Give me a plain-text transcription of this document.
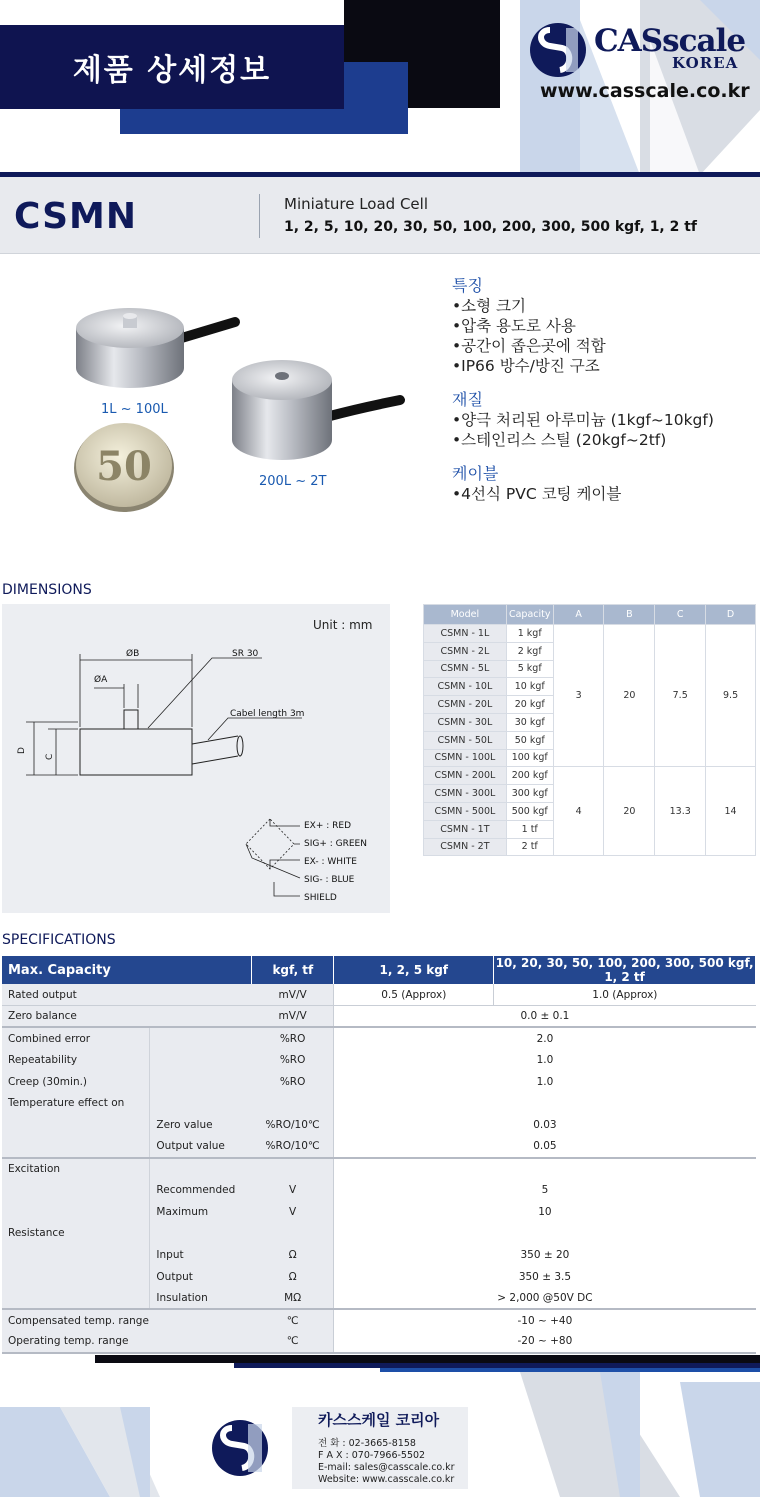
제품 상세정보
CASscale
KOREA
www.casscale.co.kr
CSMN	Miniature Load Cell
1, 2, 5, 10, 20, 30, 50, 100, 200, 300, 500 kgf, 1, 2 tf
50
1L ~ 100L
200L ~ 2T
특징
•소형 크기
•압축 용도로 사용
•공간이 좁은곳에 적합
•IP66 방수/방진 구조
재질
•양극 처리된 아루미늄 (1kgf~10kgf)
•스테인리스 스틸 (20kgf~2tf)
케이블
•4선식 PVC 코팅 케이블
DIMENSIONS
Unit : mm
ØB
ØA
SR 30
Cabel length 3m
D
C
EX+ : RED
SIG+ : GREEN
EX- : WHITE
SIG- : BLUE
SHIELD
Model	Capacity	A	B	C	D
CSMN - 1L	1 kgf	3	20	7.5	9.5
CSMN - 2L	2 kgf				
CSMN - 5L	5 kgf				
CSMN - 10L	10 kgf				
CSMN - 20L	20 kgf				
CSMN - 30L	30 kgf				
CSMN - 50L	50 kgf				
CSMN - 100L	100 kgf				
CSMN - 200L	200 kgf	4	20	13.3	14
CSMN - 300L	300 kgf				
CSMN - 500L	500 kgf				
CSMN - 1T	1 tf				
CSMN - 2T	2 tf				
SPECIFICATIONS
Max. Capacity		kgf, tf	1, 2, 5 kgf	10, 20, 30, 50, 100, 200, 300, 500 kgf, 1, 2 tf
Rated output		mV/V	0.5 (Approx)	1.0 (Approx)
Zero balance		mV/V	0.0 ± 0.1	
Combined error		%RO	2.0	
Repeatability		%RO	1.0	
Creep (30min.)		%RO	1.0	
Temperature effect on				
	Zero value	%RO/10℃	0.03	
	Output value	%RO/10℃	0.05	
Excitation				
	Recommended	V	5	
	Maximum	V	10	
Resistance				
	Input	Ω	350 ± 20	
	Output	Ω	350 ± 3.5	
	Insulation	MΩ	> 2,000 @50V DC	
Compensated temp. range		℃	-10 ~ +40	
Operating temp. range		℃	-20 ~ +80	
카스스케일 코리아
전 화 : 02-3665-8158
F A X : 070-7966-5502
E-mail: sales@casscale.co.kr
Website: www.casscale.co.kr
